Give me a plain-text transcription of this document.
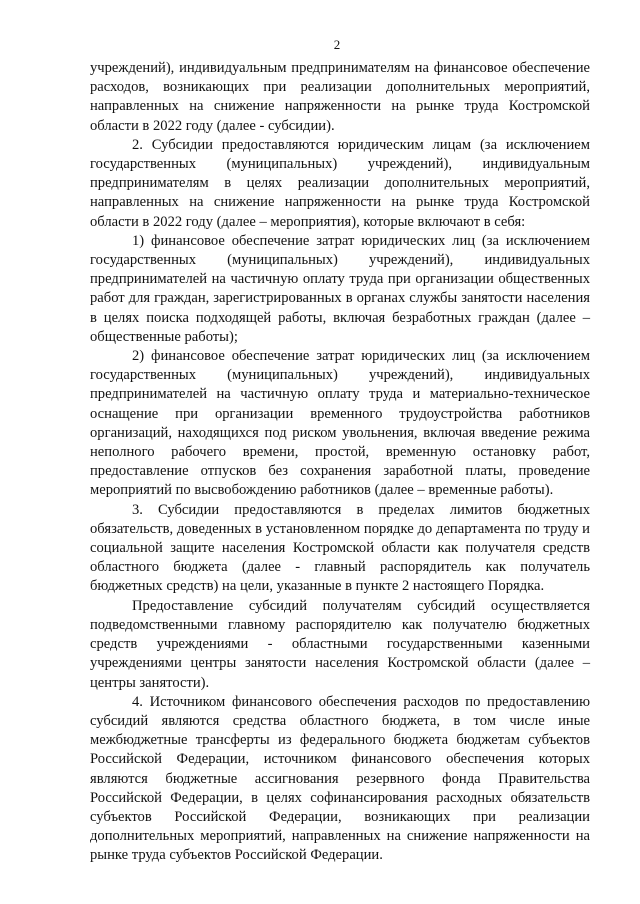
2

учреждений), индивидуальным предпринимателям на финансовое обеспечение расходов, возникающих при реализации дополнительных мероприятий, направленных на снижение напряженности на рынке труда Костромской области в 2022 году (далее - субсидии).

2. Субсидии предоставляются юридическим лицам (за исключением государственных (муниципальных) учреждений), индивидуальным предпринимателям в целях реализации дополнительных мероприятий, направленных на снижение напряженности на рынке труда Костромской области в 2022 году (далее – мероприятия), которые включают в себя:

1) финансовое обеспечение затрат юридических лиц (за исключением государственных (муниципальных) учреждений), индивидуальных предпринимателей на частичную оплату труда при организации общественных работ для граждан, зарегистрированных в органах службы занятости населения в целях поиска подходящей работы, включая безработных граждан (далее – общественные работы);

2) финансовое обеспечение затрат юридических лиц (за исключением государственных (муниципальных) учреждений), индивидуальных предпринимателей на частичную оплату труда и материально-техническое оснащение при организации временного трудоустройства работников организаций, находящихся под риском увольнения, включая введение режима неполного рабочего времени, простой, временную остановку работ, предоставление отпусков без сохранения заработной платы, проведение мероприятий по высвобождению работников (далее – временные работы).

3. Субсидии предоставляются в пределах лимитов бюджетных обязательств, доведенных в установленном порядке до департамента по труду и социальной защите населения Костромской области как получателя средств областного бюджета (далее - главный распорядитель как получатель бюджетных средств) на цели, указанные в пункте 2 настоящего Порядка.

Предоставление субсидий получателям субсидий осуществляется подведомственными главному распорядителю как получателю бюджетных средств учреждениями - областными государственными казенными учреждениями центры занятости населения Костромской области (далее – центры занятости).

4. Источником финансового обеспечения расходов по предоставлению субсидий являются средства областного бюджета, в том числе иные межбюджетные трансферты из федерального бюджета бюджетам субъектов Российской Федерации, источником финансового обеспечения которых являются бюджетные ассигнования резервного фонда Правительства Российской Федерации, в целях софинансирования расходных обязательств субъектов Российской Федерации, возникающих при реализации дополнительных мероприятий, направленных на снижение напряженности на рынке труда субъектов Российской Федерации.
